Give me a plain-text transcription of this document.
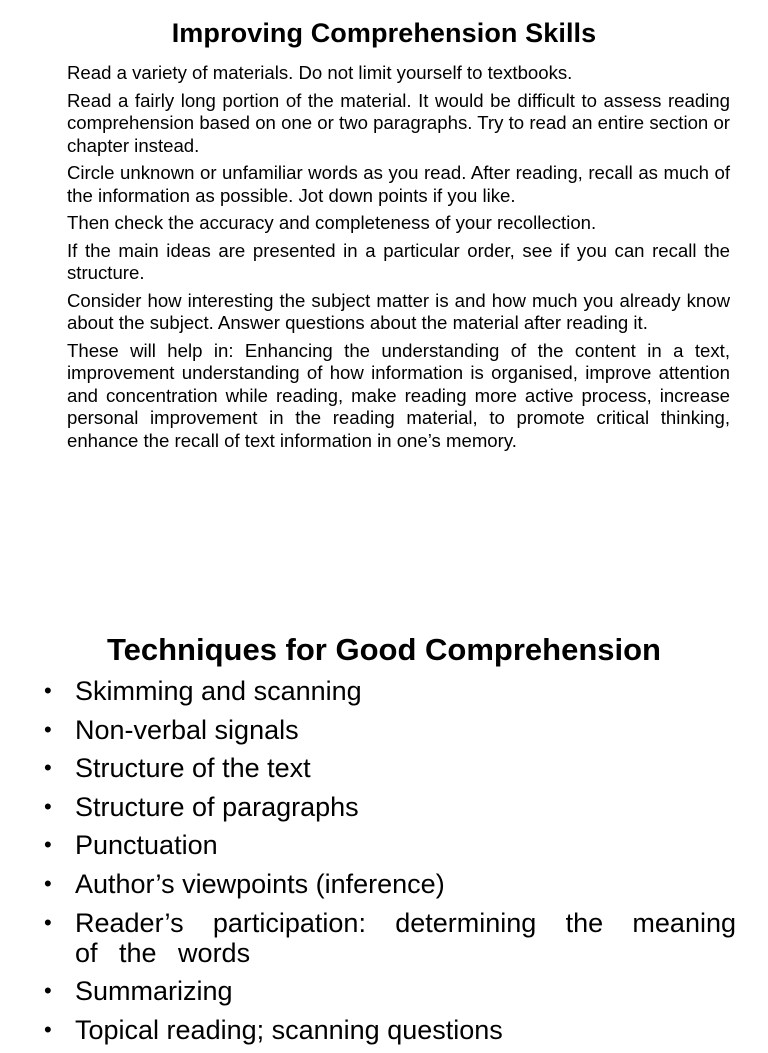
Improving Comprehension Skills

Read a variety of materials. Do not limit yourself to textbooks.

Read a fairly long portion of the material. It would be difficult to assess reading comprehension based on one or two paragraphs. Try to read an entire section or chapter instead.

Circle unknown or unfamiliar words as you read. After reading, recall as much of the information as possible. Jot down points if you like.

Then check the accuracy and completeness of your recollection.

If the main ideas are presented in a particular order, see if you can recall the structure.

Consider how interesting the subject matter is and how much you already know about the subject. Answer questions about the material after reading it.

These will help in: Enhancing the understanding of the content in a text, improvement understanding of how information is organised, improve attention and concentration while reading, make reading more active process, increase personal improvement in the reading material, to promote critical thinking, enhance the recall of text information in one’s memory.

Techniques for Good Comprehension
• Skimming and scanning
• Non-verbal signals
• Structure of the text
• Structure of paragraphs
• Punctuation
• Author’s viewpoints (inference)
• Reader’s participation: determining the meaning of the words
• Summarizing
• Topical reading; scanning questions
